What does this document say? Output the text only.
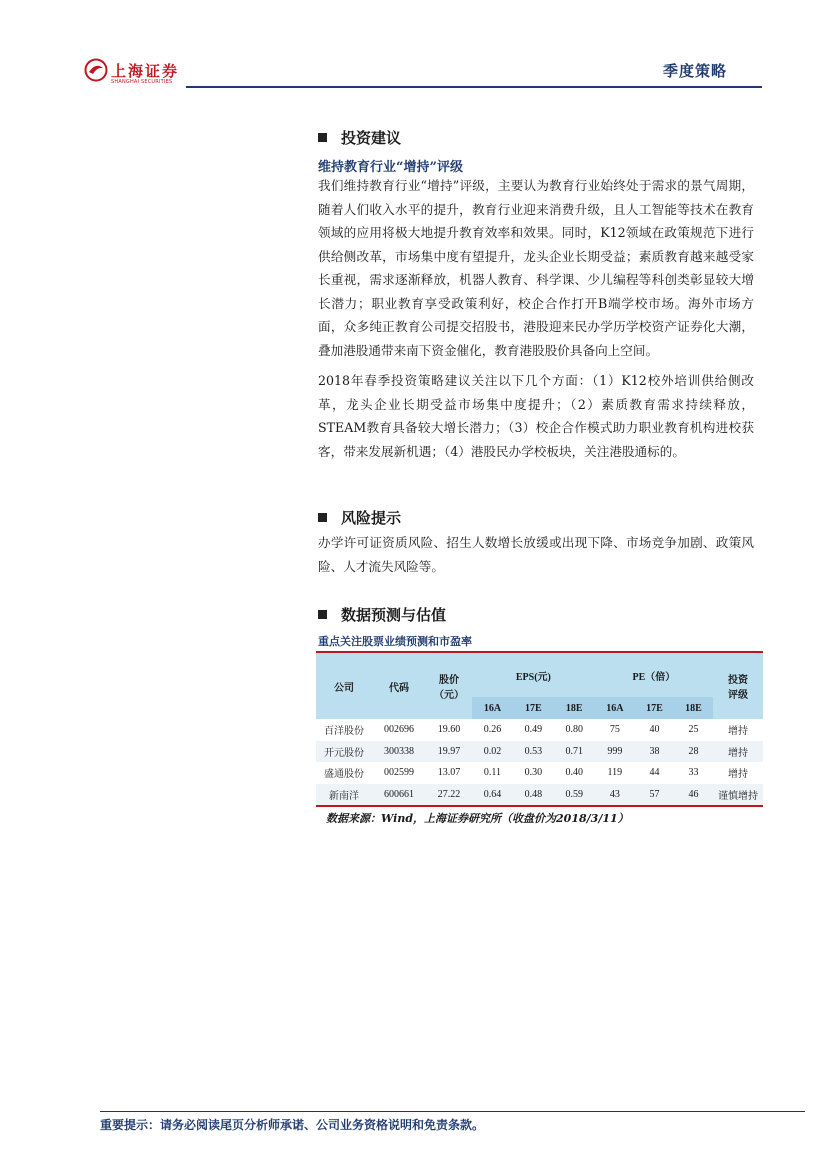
上海证券
SHANGHAI SECURITIES
季度策略
投资建议
维持教育行业“增持”评级
我们维持教育行业“增持”评级，主要认为教育行业始终处于需求的景气周期，随着人们收入水平的提升，教育行业迎来消费升级，且人工智能等技术在教育领域的应用将极大地提升教育效率和效果。同时，K12领域在政策规范下进行供给侧改革，市场集中度有望提升，龙头企业长期受益；素质教育越来越受家长重视，需求逐渐释放，机器人教育、科学课、少儿编程等科创类彰显较大增长潜力；职业教育享受政策利好，校企合作打开B端学校市场。海外市场方面，众多纯正教育公司提交招股书，港股迎来民办学历学校资产证券化大潮，叠加港股通带来南下资金催化，教育港股股价具备向上空间。
2018年春季投资策略建议关注以下几个方面：（1）K12校外培训供给侧改革，龙头企业长期受益市场集中度提升；（2）素质教育需求持续释放，STEAM教育具备较大增长潜力；（3）校企合作模式助力职业教育机构进校获客，带来发展新机遇；（4）港股民办学校板块，关注港股通标的。
风险提示
办学许可证资质风险、招生人数增长放缓或出现下降、市场竞争加剧、政策风险、人才流失风险等。
数据预测与估值
重点关注股票业绩预测和市盈率
公司	代码	股价（元）	EPS(元)			PE（倍）			投资评级
			16A	17E	18E	16A	17E	18E	
百洋股份	002696	19.60	0.26	0.49	0.80	75	40	25	增持
开元股份	300338	19.97	0.02	0.53	0.71	999	38	28	增持
盛通股份	002599	13.07	0.11	0.30	0.40	119	44	33	增持
新南洋	600661	27.22	0.64	0.48	0.59	43	57	46	谨慎增持
数据来源：Wind，上海证券研究所（收盘价为2018/3/11）
重要提示：请务必阅读尾页分析师承诺、公司业务资格说明和免责条款。
